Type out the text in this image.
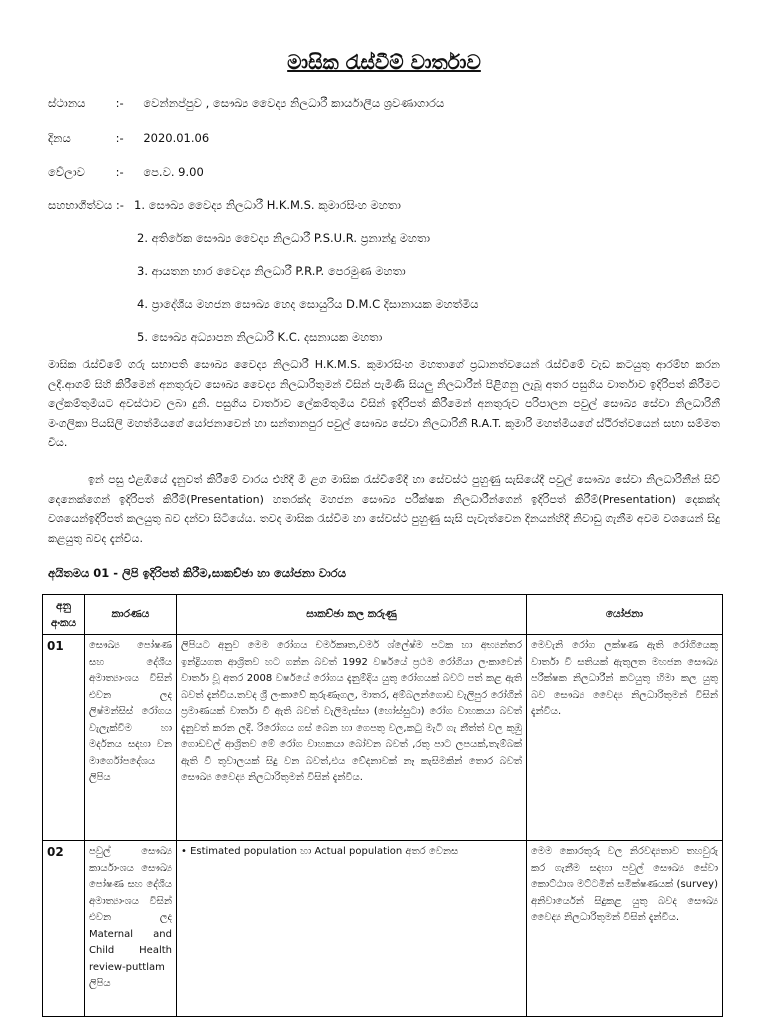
මාසික රැස්වීම් වාර්තාව
ස්ථානය	:- වෙන්නප්පුව , සෞඛ්‍ය වෛද්‍ය නිලධාරී කාර්යාලීය ශ්‍රවණාගාරය
දිනය	:- 2020.01.06
වේලාව	:- පෙ.ව. 9.00
සහභාගීත්වය :- 1. සෞඛ්‍ය වෛද්‍ය නිලධාරී H.K.M.S. කුමාරසිංහ මහතා
2. අතිරේක සෞඛ්‍ය වෛද්‍ය නිලධාරී P.S.U.R. ප්‍රනාන්දු මහතා
3. ආයතන භාර වෛද්‍ය නිලධාරී P.R.P. පෙරමුණ මහතා
4. ප්‍රාදේශීය මහජන සෞඛ්‍ය හෙද සොයුරිය D.M.C දිසානායක මහත්මිය
5. සෞඛ්‍ය අධ්‍යාපන නිලධාරී K.C. දසනායක මහතා

මාසික රැස්වීමේ ගරු සභාපති සෞඛ්‍ය වෛද්‍ය නිලධාරී H.K.M.S. කුමාරසිංහ මහතාගේ ප්‍රධානත්වයෙන් රැස්වීමේ වැඩ කටයුතු ආරම්භ කරන ලදී.ආගම් සිහි කිරීමෙන් අනතුරුව සෞඛ්‍ය වෛද්‍ය නිලධාරිතුමන් විසින් පැමිණි සියලු නිලධාරීන් පිළිගනු ලැබූ අතර පසුගිය වාර්තාව ඉදිරිපත් කිරීමට ලේකම්තුමියට අවස්ථාව ලබා දුනි. පසුගිය වාර්තාව ලේකම්තුමිය විසින් ඉදිරිපත් කිරීමෙන් අනතුරුව පරිපාලන පවුල් සෞඛ්‍ය සේවා නිලධාරිනී මංගලිකා පියසිලි මහත්මියගේ යෝජනාවෙන් හා සන්තානපුර පවුල් සෞඛ්‍ය සේවා නිලධාරිනී R.A.T. කුමාරි මහත්මියගේ ස්ථිරත්වයෙන් සභා සම්මත වීය.

ඉන් පසු එළඹියේ දැනුවත් කිරීමේ වාරය එහිදී මී ළග මාසික රැස්වීමේදී හා සේවස්ථ පුහුණු සැසියේදී පවුල් සෞඛ්‍ය සේවා නිලධාරිනීන් සිව් දෙනෙක්ගෙන් ඉදිරිපත් කිරීම්(Presentation) හතරක්ද මහජන සෞඛ්‍ය පරීක්ෂක නිලධාරීන්ගෙන් ඉදිරිපත් කිරීම්(Presentation) දෙකක්ද වශයෙන්ඉදිරිපත් කලයුතු බව දන්වා සිටියේය. තවද මාසික රැස්වීම හා සේවස්ථ පුහුණු සැසි පැවැත්වෙන දිනයන්හිදී නිවාඩු ගැනීම අවම වශයෙන් සිදු කළයුතු බවද දැන්වීය.

අයිතමය 01 - ලිපි ඉදිරිපත් කිරීම,සාකච්ඡා හා යෝජනා වාරය
අනු අංකය	කාරණය	සාකච්ඡා කල කරුණු	යෝජනා
01	සෞඛ්‍ය පෝෂණ සහ දේශීය අමාත්‍යාංශය විසින් එවන ලද ලිෂ්මන්සිස් රෝගය වැලැක්වීම හා මර්දනය සදහා වන මාර්ගෝපදේශය ලිපිය	ලිපියට අනුව මෙම රෝගය චර්මකෘත,චර්ම ශ්ලේෂ්ම පටක හා අභ්‍යන්තර ඉන්ද්‍රියගත ආශ්‍රිතව හට ගන්න බවත් 1992 වර්ෂයේ ප්‍රථම රෝගියා ලංකාවෙන් වාර්තා වූ අතර 2008 වර්ෂයේ රෝගය දැනුම්දිය යුතු රෝගයක් බවට පත් කළ ඇති බවත් දැන්වීය.තවද ශ්‍රී ලංකාවේ කුරුණෑගල, මාතර, අම්බලන්ගොඩ වැලිපුර රෝගීන් ප්‍රමාණයක් වාර්තා වී ඇති බවත් වැලිමැස්සා (හෝස්සුටා) රෝග වාහකයා බවත් දැනුවත් කරන ලදී. රිරෝගය ගස් බෙන හා ගෙපතු වල,කටු මැටි ගැ නීත්ත් වල කුඹු ගොඩවල් ආශ්‍රිතව මේ රෝග වාහකයා බෝවන බවත් ,රතු පාට ලපයක්,තැම්බක් ඇති වී තුවාලයක් සිදු වන බවත්,එය වේදනාවක් නෑ කැසිමකින් තොර බවත් සෞඛ්‍ය වෛද්‍ය නිලධාරිතුමන් විසින් දැන්වීය.	මෙවැනි රෝග ලක්ෂණ ඇති රෝගියෙකු වාර්තා වී සතියක් ඇතුලත මහජන සෞඛ්‍ය පරීක්ෂක නිලධාරීන් කටයුතු හිමා කල යුතු බව සෞඛ්‍ය වෛද්‍ය නිලධාරිතුමන් විසින් දැන්වීය.
02	පවුල් සෞඛ්‍ය කාර්යාංශය සෞඛ්‍ය පෝෂණ සහ දේශීය අමාත්‍යාංශය විසින් එවන ලද Maternal and Child Health review-puttlam ලිපිය	• Estimated population හා Actual population අතර වෙනස	මෙම කොරතුරු වල නිරවද්‍යතාව තහවුරු කර ගැනීම සදහා පවුල් සෞඛ්‍ය සේවා කොට්ඨාශ මට්ටමින් සමීක්ෂණයක් (survey) අනිවාර්යෙන් සිදුකළ යුතු බවද සෞඛ්‍ය වෛද්‍ය නිලධාරිතුමන් විසින් දැන්වීය.
